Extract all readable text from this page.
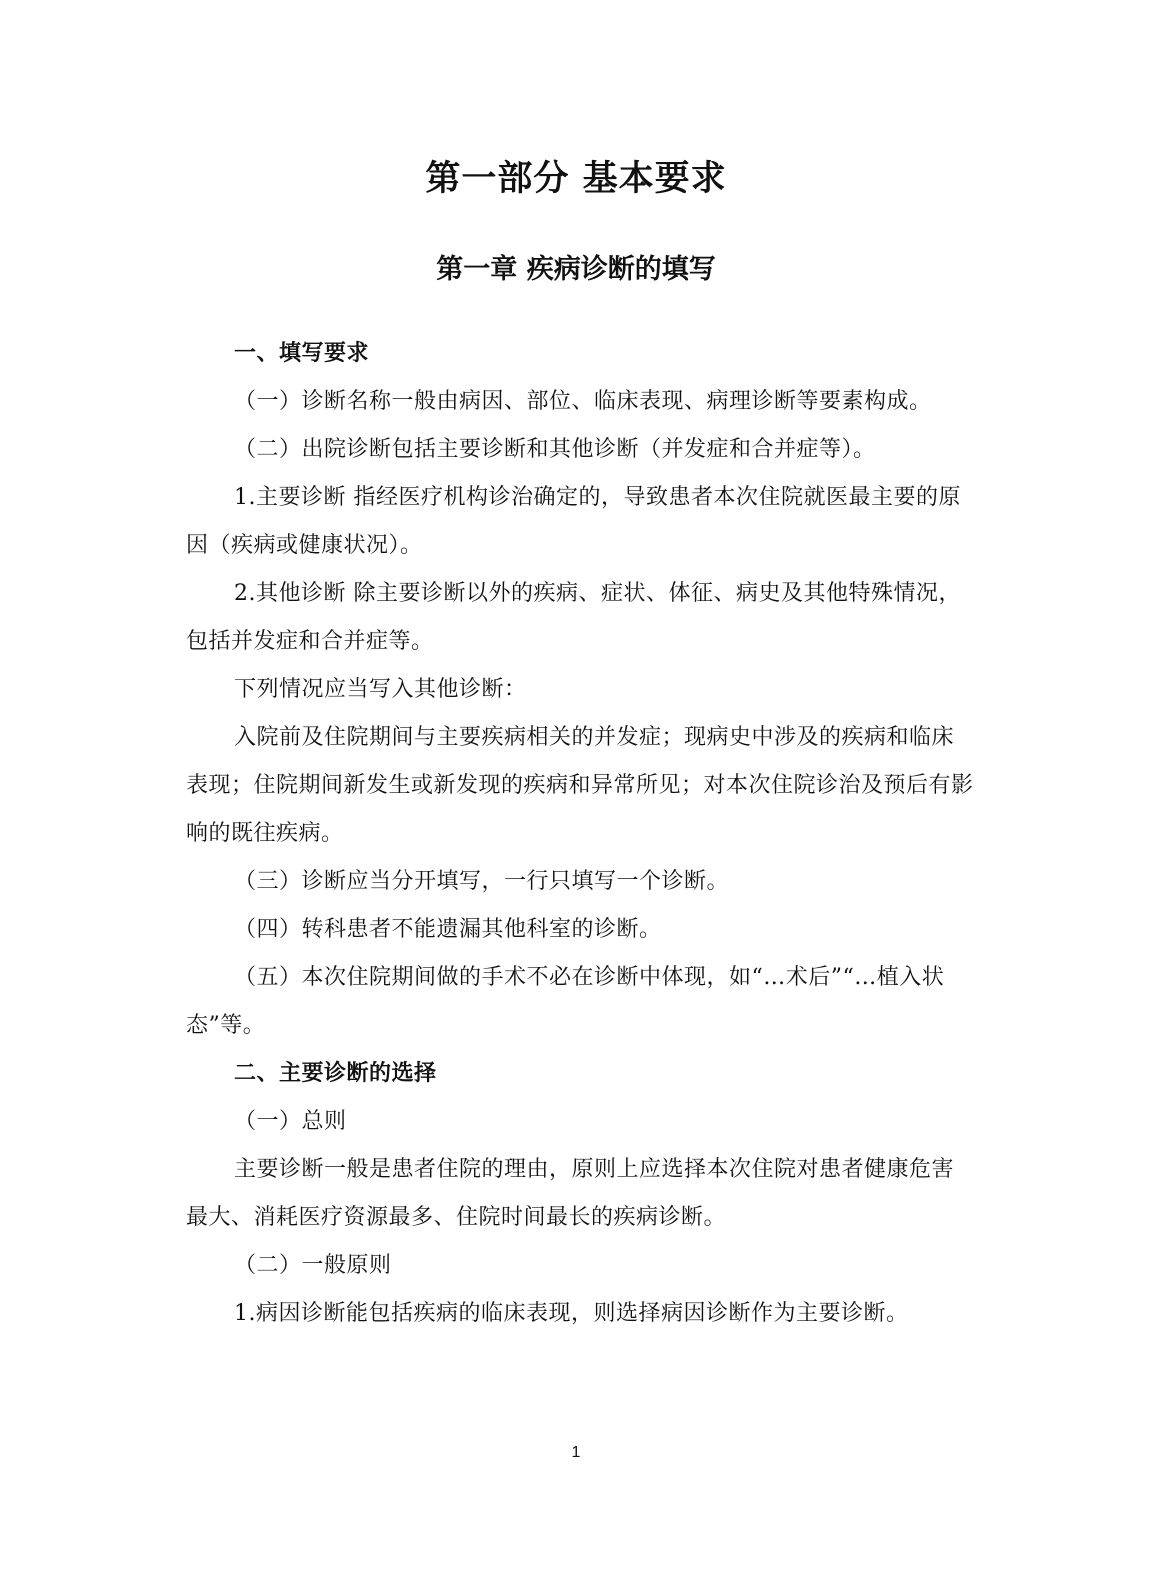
第一部分 基本要求
第一章 疾病诊断的填写

一、填写要求

（一）诊断名称一般由病因、部位、临床表现、病理诊断等要素构成。

（二）出院诊断包括主要诊断和其他诊断（并发症和合并症等）。

1.主要诊断 指经医疗机构诊治确定的，导致患者本次住院就医最主要的原因（疾病或健康状况）。

2.其他诊断 除主要诊断以外的疾病、症状、体征、病史及其他特殊情况，包括并发症和合并症等。

下列情况应当写入其他诊断：

入院前及住院期间与主要疾病相关的并发症；现病史中涉及的疾病和临床表现；住院期间新发生或新发现的疾病和异常所见；对本次住院诊治及预后有影响的既往疾病。

（三）诊断应当分开填写，一行只填写一个诊断。

（四）转科患者不能遗漏其他科室的诊断。

（五）本次住院期间做的手术不必在诊断中体现，如“…术后”“…植入状态”等。

二、主要诊断的选择

（一）总则

主要诊断一般是患者住院的理由，原则上应选择本次住院对患者健康危害最大、消耗医疗资源最多、住院时间最长的疾病诊断。

（二）一般原则

1.病因诊断能包括疾病的临床表现，则选择病因诊断作为主要诊断。

1
